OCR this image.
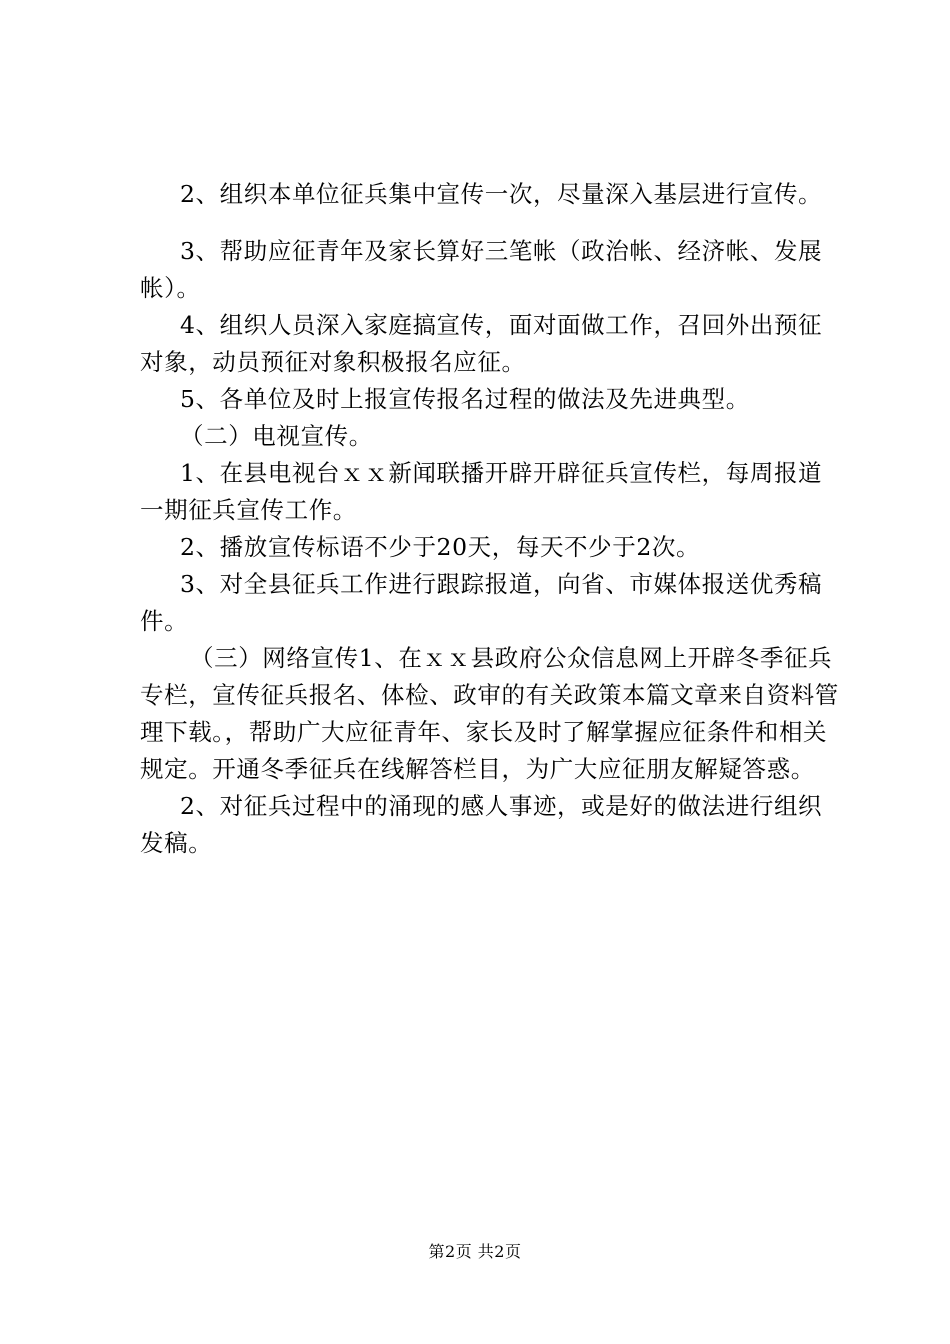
2、组织本单位征兵集中宣传一次，尽量深入基层进行宣传。

3、帮助应征青年及家长算好三笔帐（政治帐、经济帐、发展帐）。

4、组织人员深入家庭搞宣传，面对面做工作，召回外出预征对象，动员预征对象积极报名应征。

5、各单位及时上报宣传报名过程的做法及先进典型。

（二）电视宣传。

1、在县电视台ｘｘ新闻联播开辟开辟征兵宣传栏，每周报道一期征兵宣传工作。

2、播放宣传标语不少于20天，每天不少于2次。

3、对全县征兵工作进行跟踪报道，向省、市媒体报送优秀稿件。

（三）网络宣传1、在ｘｘ县政府公众信息网上开辟冬季征兵专栏，宣传征兵报名、体检、政审的有关政策本篇文章来自资料管理下载。，帮助广大应征青年、家长及时了解掌握应征条件和相关规定。开通冬季征兵在线解答栏目，为广大应征朋友解疑答惑。

2、对征兵过程中的涌现的感人事迹，或是好的做法进行组织发稿。

第2页 共2页
